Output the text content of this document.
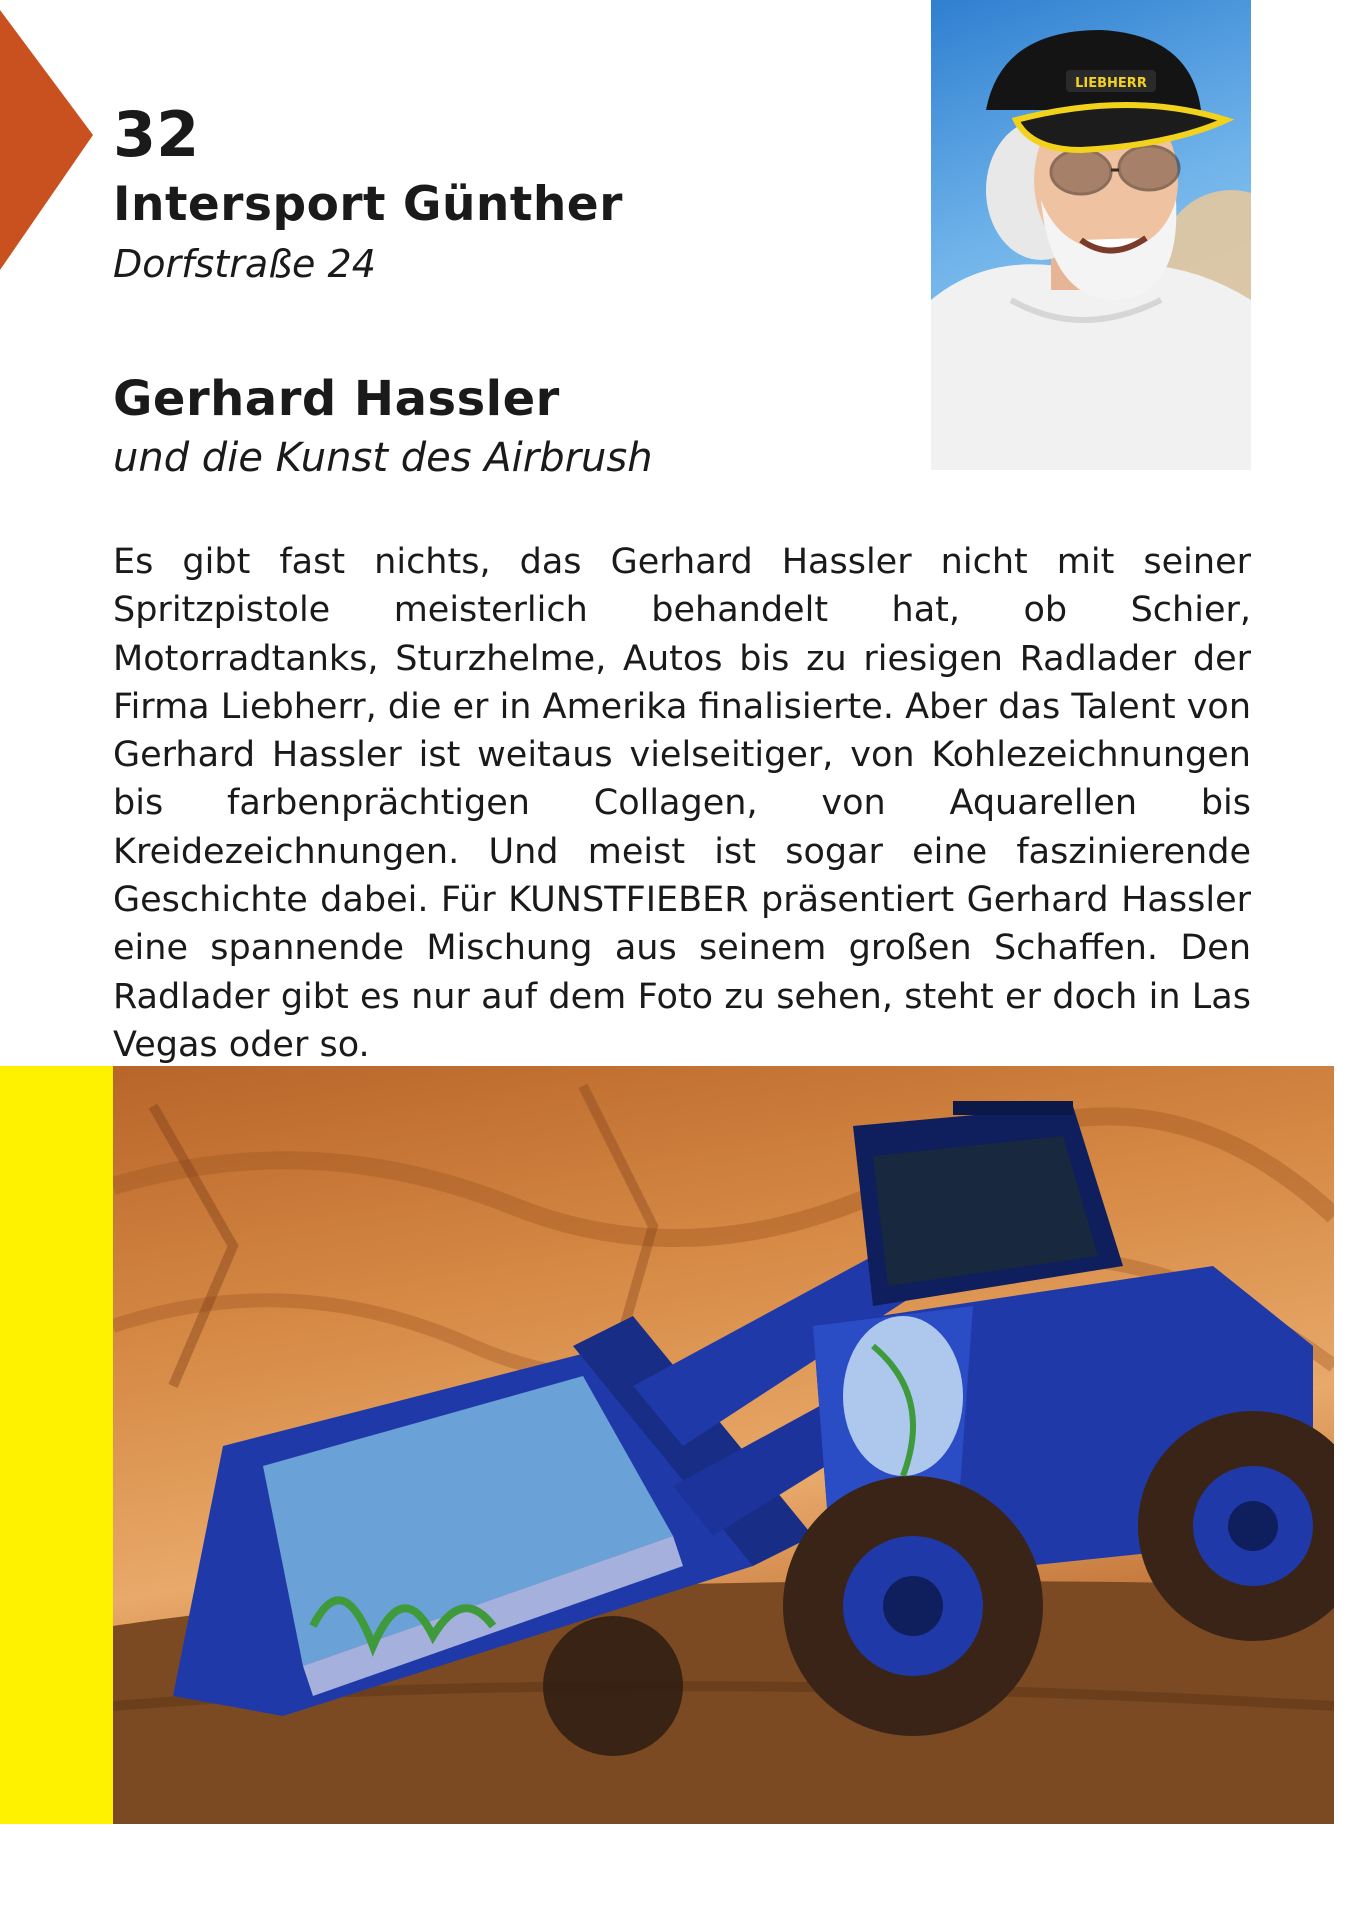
32
Intersport Günther

Dorfstraße 24

Gerhard Hassler

und die Kunst des Airbrush

LIEBHERR

Es gibt fast nichts, das Gerhard Hassler nicht mit seiner Spritzpistole meisterlich behandelt hat, ob Schier, Motorradtanks, Sturzhelme, Autos bis zu riesigen Radlader der Firma Liebherr, die er in Amerika finalisierte. Aber das Talent von Gerhard Hassler ist weitaus vielseitiger, von Kohlezeichnungen bis farbenprächtigen Collagen, von Aquarellen bis Kreidezeichnungen. Und meist ist sogar eine faszinierende Geschichte dabei. Für KUNSTFIEBER präsentiert Gerhard Hassler eine spannende Mischung aus seinem großen Schaffen. Den Radlader gibt es nur auf dem Foto zu sehen, steht er doch in Las Vegas oder so.
